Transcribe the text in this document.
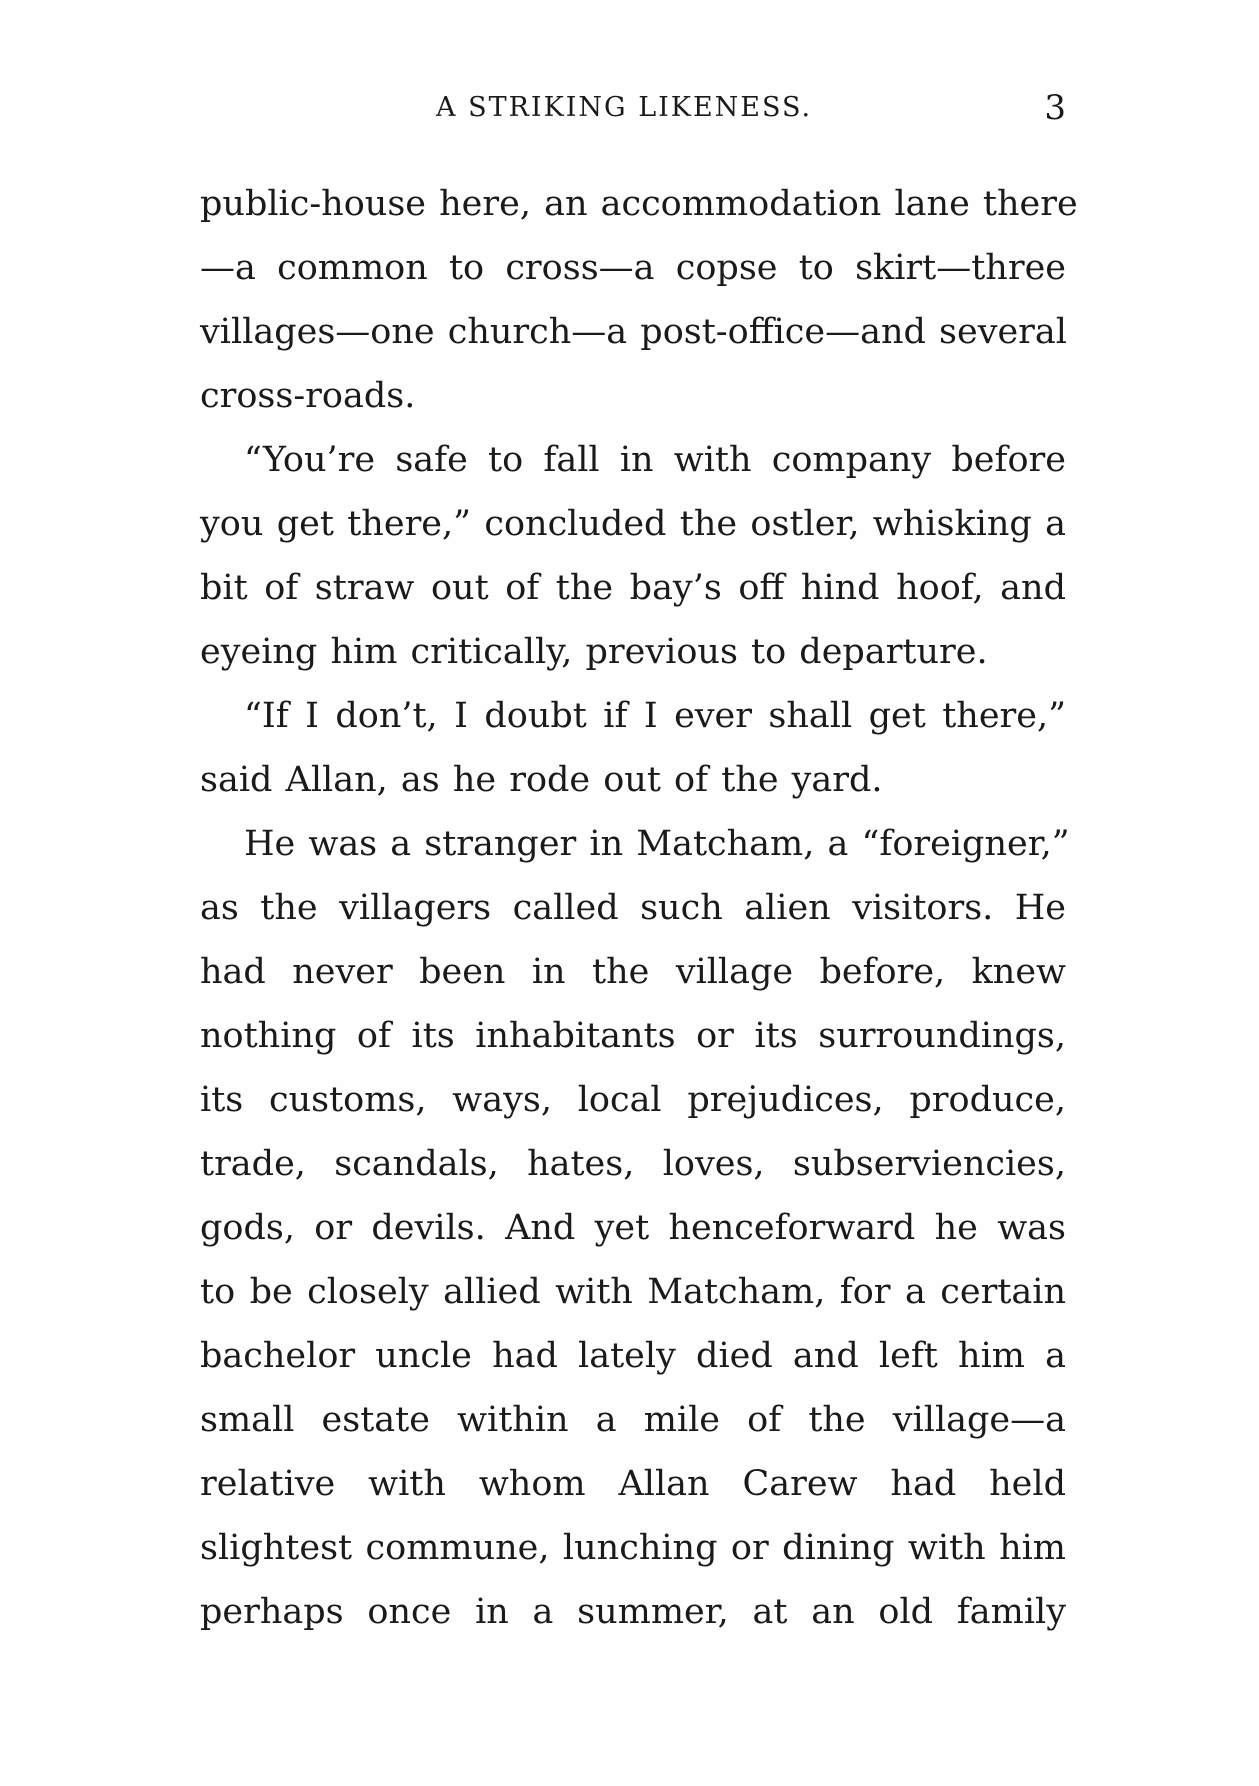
A STRIKING LIKENESS.	3
public-house here, an accommodation lane there
—a common to cross—a copse to skirt—three
villages—one church—a post-office—and several
cross-roads.
“You’re safe to fall in with company before
you get there,” concluded the ostler, whisking a
bit of straw out of the bay’s off hind hoof, and
eyeing him critically, previous to departure.
“If I don’t, I doubt if I ever shall get there,”
said Allan, as he rode out of the yard.
He was a stranger in Matcham, a “foreigner,”
as the villagers called such alien visitors. He
had never been in the village before, knew
nothing of its inhabitants or its surroundings,
its customs, ways, local prejudices, produce,
trade, scandals, hates, loves, subserviencies,
gods, or devils. And yet henceforward he was
to be closely allied with Matcham, for a certain
bachelor uncle had lately died and left him a
small estate within a mile of the village—a
relative with whom Allan Carew had held
slightest commune, lunching or dining with him
perhaps once in a summer, at an old family
